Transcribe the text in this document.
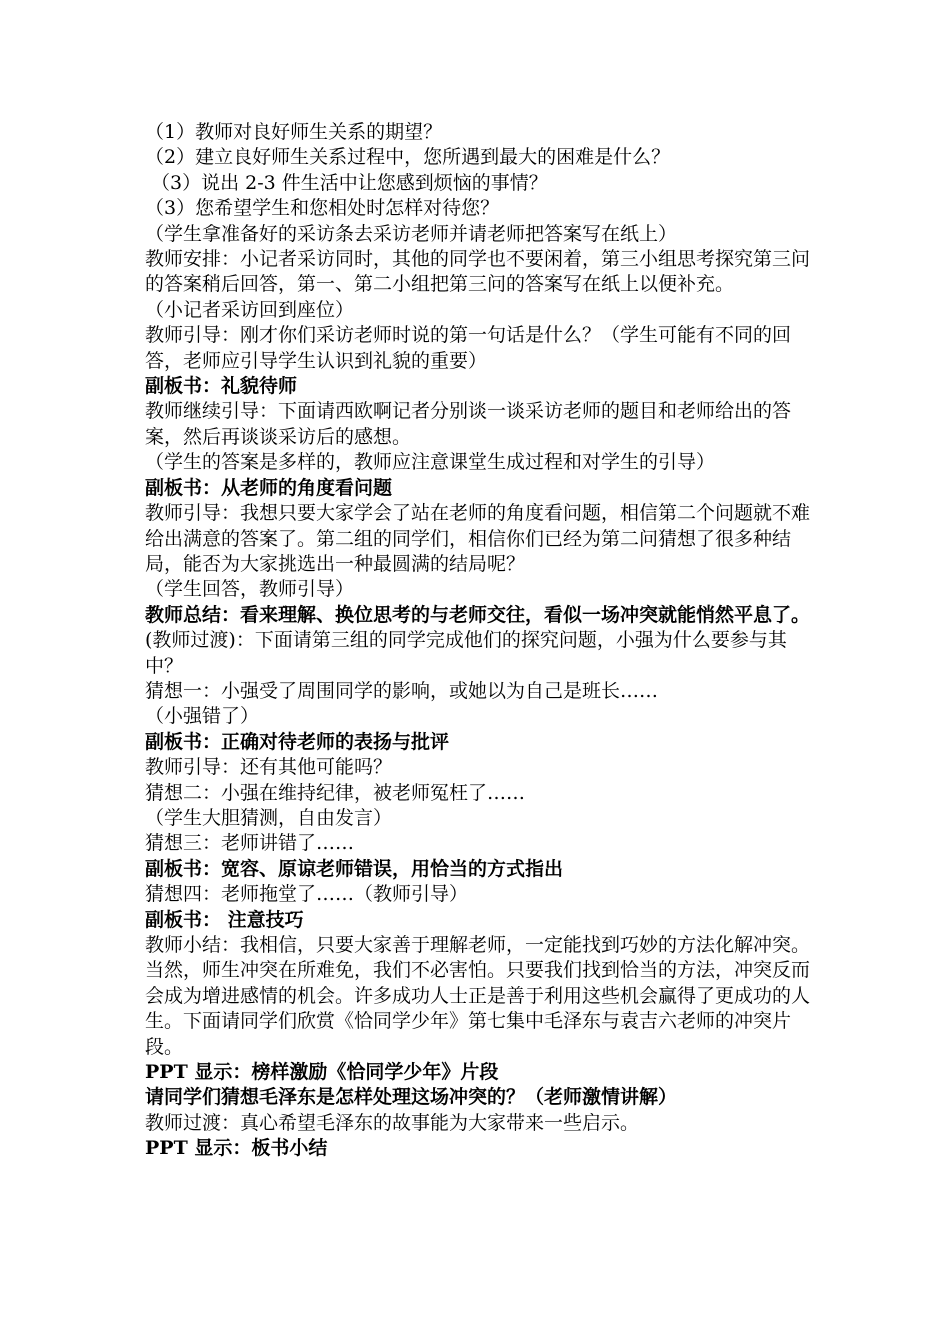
（1）教师对良好师生关系的期望？

（2）建立良好师生关系过程中，您所遇到最大的困难是什么？

（3）说出 2-3 件生活中让您感到烦恼的事情？

（3）您希望学生和您相处时怎样对待您？

（学生拿准备好的采访条去采访老师并请老师把答案写在纸上）

教师安排：小记者采访同时，其他的同学也不要闲着，第三小组思考探究第三问的答案稍后回答，第一、第二小组把第三问的答案写在纸上以便补充。

（小记者采访回到座位）

教师引导：刚才你们采访老师时说的第一句话是什么？（学生可能有不同的回答，老师应引导学生认识到礼貌的重要）

副板书：礼貌待师

教师继续引导：下面请西欧啊记者分别谈一谈采访老师的题目和老师给出的答案，然后再谈谈采访后的感想。

（学生的答案是多样的，教师应注意课堂生成过程和对学生的引导）

副板书：从老师的角度看问题

教师引导：我想只要大家学会了站在老师的角度看问题，相信第二个问题就不难给出满意的答案了。第二组的同学们，相信你们已经为第二问猜想了很多种结局，能否为大家挑选出一种最圆满的结局呢？

（学生回答，教师引导）

教师总结：看来理解、换位思考的与老师交往，看似一场冲突就能悄然平息了。

(教师过渡)：下面请第三组的同学完成他们的探究问题，小强为什么要参与其中？

猜想一：小强受了周围同学的影响，或她以为自己是班长……

（小强错了）

副板书：正确对待老师的表扬与批评

教师引导：还有其他可能吗？

猜想二：小强在维持纪律，被老师冤枉了……

（学生大胆猜测，自由发言）

猜想三：老师讲错了……

副板书：宽容、原谅老师错误，用恰当的方式指出

猜想四：老师拖堂了……（教师引导）

副板书： 注意技巧

教师小结：我相信，只要大家善于理解老师，一定能找到巧妙的方法化解冲突。当然，师生冲突在所难免，我们不必害怕。只要我们找到恰当的方法，冲突反而会成为增进感情的机会。许多成功人士正是善于利用这些机会赢得了更成功的人生。下面请同学们欣赏《恰同学少年》第七集中毛泽东与袁吉六老师的冲突片段。

PPT 显示：榜样激励《恰同学少年》片段

请同学们猜想毛泽东是怎样处理这场冲突的？（老师激情讲解）

教师过渡：真心希望毛泽东的故事能为大家带来一些启示。

PPT 显示：板书小结
